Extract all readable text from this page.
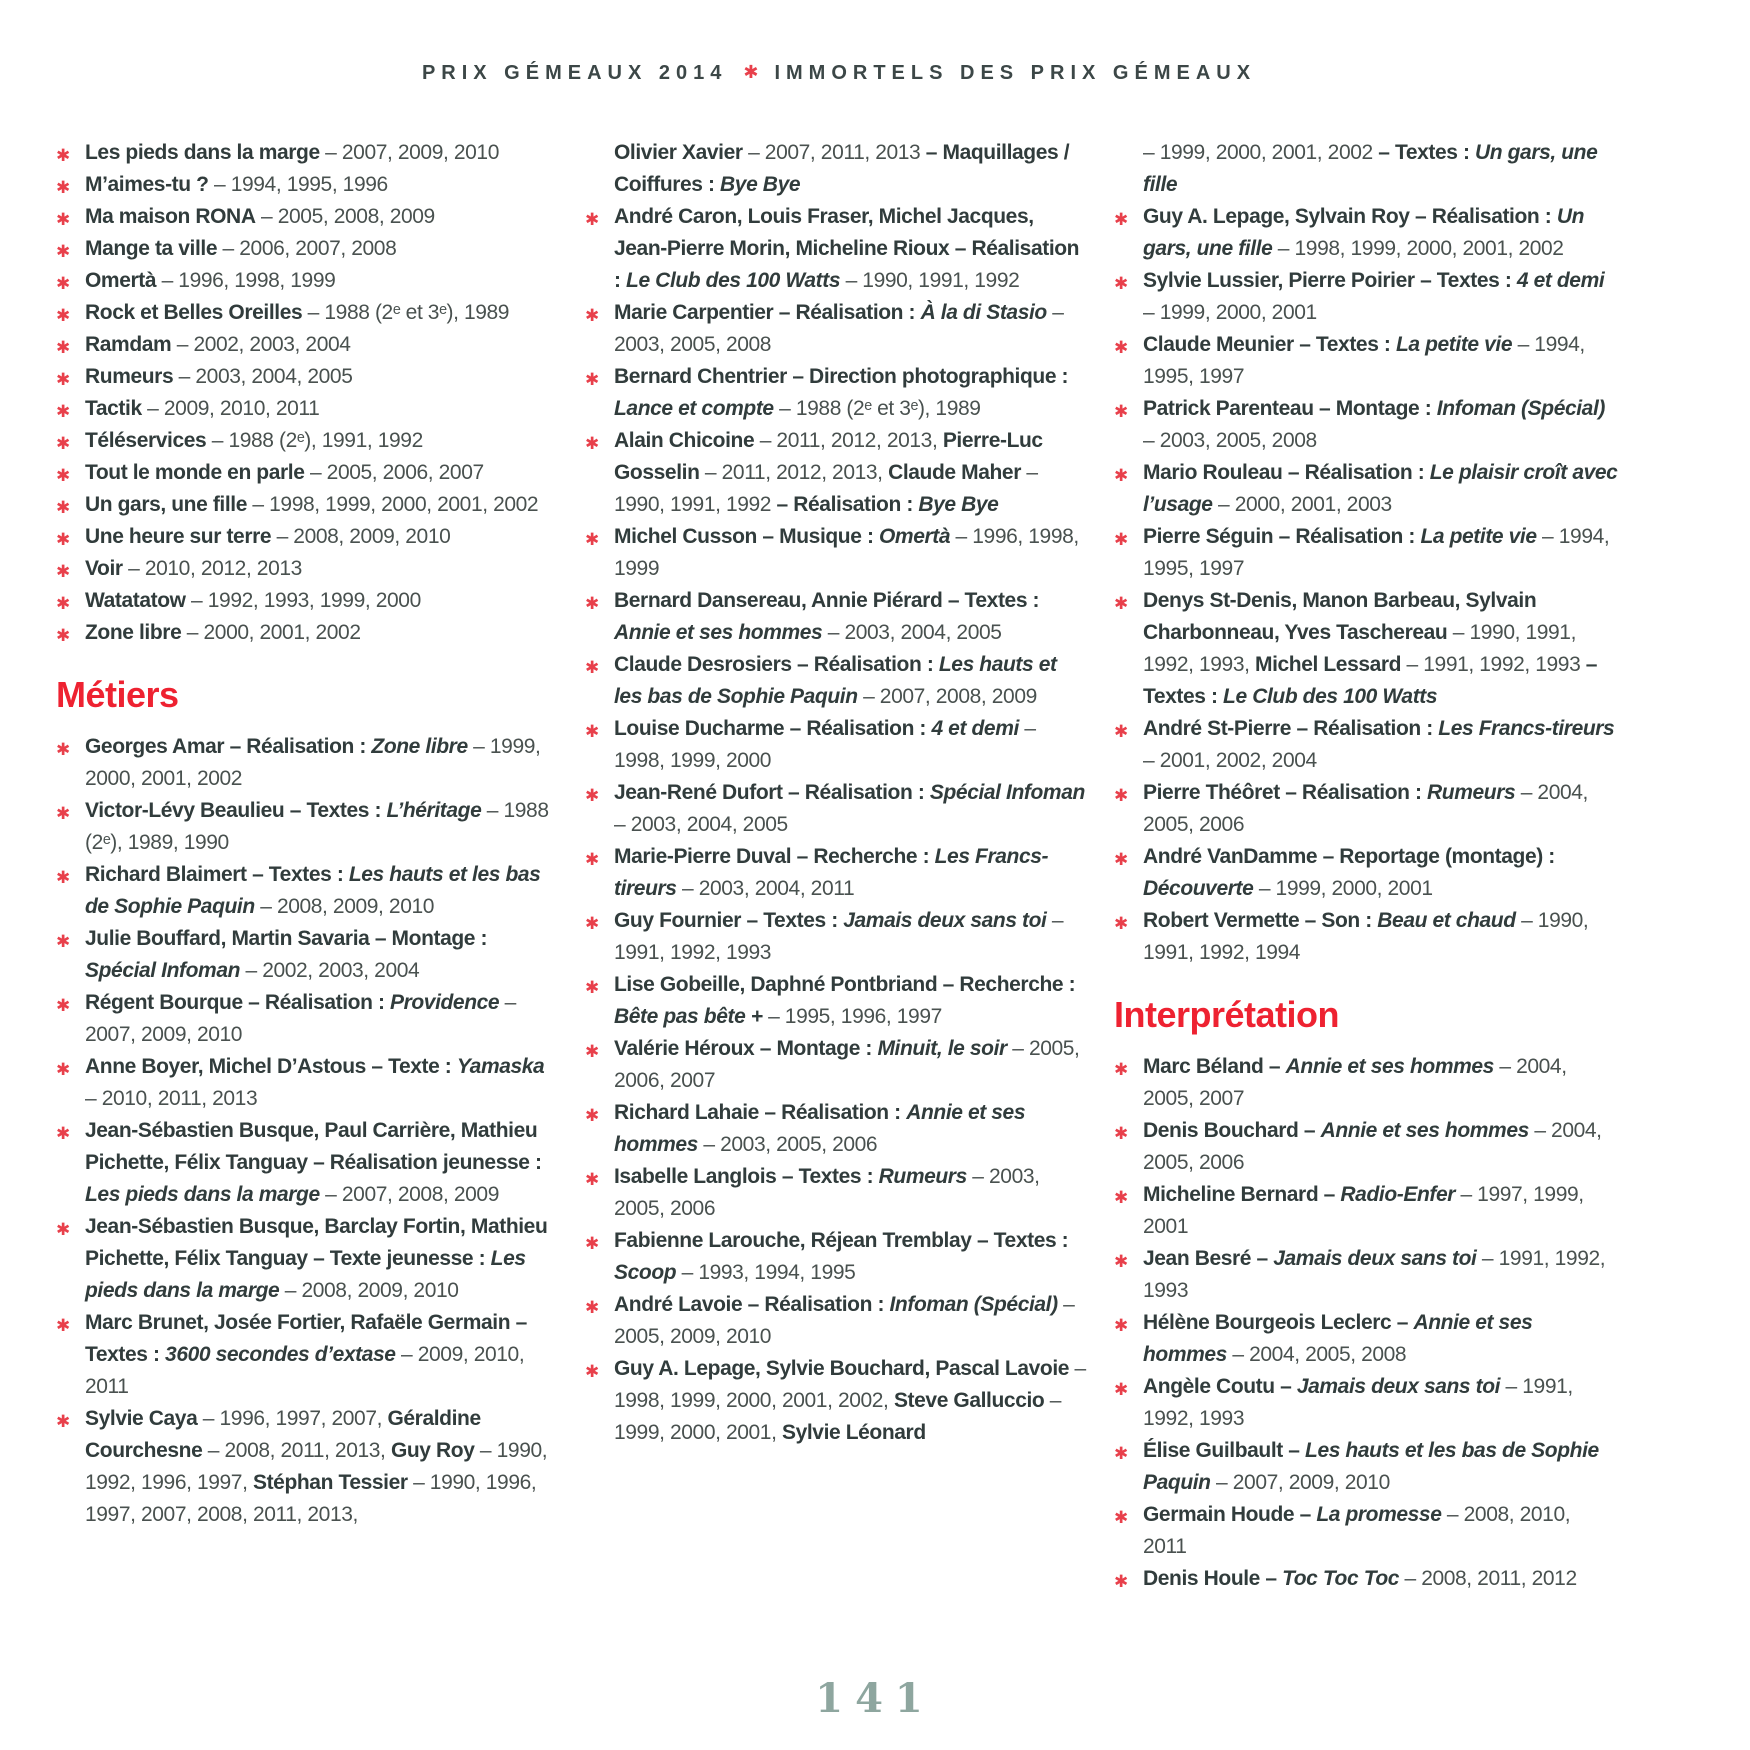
PRIX GÉMEAUX 2014 ✱ IMMORTELS DES PRIX GÉMEAUX
✱ Les pieds dans la marge – 2007, 2009, 2010
✱ M’aimes-tu ? – 1994, 1995, 1996
✱ Ma maison RONA – 2005, 2008, 2009
✱ Mange ta ville – 2006, 2007, 2008
✱ Omertà – 1996, 1998, 1999
✱ Rock et Belles Oreilles – 1988 (2ᵉ et 3ᵉ), 1989
✱ Ramdam – 2002, 2003, 2004
✱ Rumeurs – 2003, 2004, 2005
✱ Tactik – 2009, 2010, 2011
✱ Téléservices – 1988 (2ᵉ), 1991, 1992
✱ Tout le monde en parle – 2005, 2006, 2007
✱ Un gars, une fille – 1998, 1999, 2000, 2001, 2002
✱ Une heure sur terre – 2008, 2009, 2010
✱ Voir – 2010, 2012, 2013
✱ Watatatow – 1992, 1993, 1999, 2000
✱ Zone libre – 2000, 2001, 2002
Métiers
✱ Georges Amar – Réalisation : Zone libre – 1999, 2000, 2001, 2002
✱ Victor-Lévy Beaulieu – Textes : L’héritage – 1988 (2ᵉ), 1989, 1990
✱ Richard Blaimert – Textes : Les hauts et les bas de Sophie Paquin – 2008, 2009, 2010
✱ Julie Bouffard, Martin Savaria – Montage : Spécial Infoman – 2002, 2003, 2004
✱ Régent Bourque – Réalisation : Providence – 2007, 2009, 2010
✱ Anne Boyer, Michel D’Astous – Texte : Yamaska – 2010, 2011, 2013
✱ Jean-Sébastien Busque, Paul Carrière, Mathieu Pichette, Félix Tanguay – Réalisation jeunesse : Les pieds dans la marge – 2007, 2008, 2009
✱ Jean-Sébastien Busque, Barclay Fortin, Mathieu Pichette, Félix Tanguay – Texte jeunesse : Les pieds dans la marge – 2008, 2009, 2010
✱ Marc Brunet, Josée Fortier, Rafaële Germain – Textes : 3600 secondes d’extase – 2009, 2010, 2011
✱ Sylvie Caya – 1996, 1997, 2007, Géraldine Courchesne – 2008, 2011, 2013, Guy Roy – 1990, 1992, 1996, 1997, Stéphan Tessier – 1990, 1996, 1997, 2007, 2008, 2011, 2013,
Olivier Xavier – 2007, 2011, 2013 – Maquillages / Coiffures : Bye Bye
✱ André Caron, Louis Fraser, Michel Jacques, Jean-Pierre Morin, Micheline Rioux – Réalisation : Le Club des 100 Watts – 1990, 1991, 1992
✱ Marie Carpentier – Réalisation : À la di Stasio – 2003, 2005, 2008
✱ Bernard Chentrier – Direction photographique : Lance et compte – 1988 (2ᵉ et 3ᵉ), 1989
✱ Alain Chicoine – 2011, 2012, 2013, Pierre-Luc Gosselin – 2011, 2012, 2013, Claude Maher – 1990, 1991, 1992 – Réalisation : Bye Bye
✱ Michel Cusson – Musique : Omertà – 1996, 1998, 1999
✱ Bernard Dansereau, Annie Piérard – Textes : Annie et ses hommes – 2003, 2004, 2005
✱ Claude Desrosiers – Réalisation : Les hauts et les bas de Sophie Paquin – 2007, 2008, 2009
✱ Louise Ducharme – Réalisation : 4 et demi – 1998, 1999, 2000
✱ Jean-René Dufort – Réalisation : Spécial Infoman – 2003, 2004, 2005
✱ Marie-Pierre Duval – Recherche : Les Francs-tireurs – 2003, 2004, 2011
✱ Guy Fournier – Textes : Jamais deux sans toi – 1991, 1992, 1993
✱ Lise Gobeille, Daphné Pontbriand – Recherche : Bête pas bête + – 1995, 1996, 1997
✱ Valérie Héroux – Montage : Minuit, le soir – 2005, 2006, 2007
✱ Richard Lahaie – Réalisation : Annie et ses hommes – 2003, 2005, 2006
✱ Isabelle Langlois – Textes : Rumeurs – 2003, 2005, 2006
✱ Fabienne Larouche, Réjean Tremblay – Textes : Scoop – 1993, 1994, 1995
✱ André Lavoie – Réalisation : Infoman (Spécial) – 2005, 2009, 2010
✱ Guy A. Lepage, Sylvie Bouchard, Pascal Lavoie – 1998, 1999, 2000, 2001, 2002, Steve Galluccio – 1999, 2000, 2001, Sylvie Léonard
– 1999, 2000, 2001, 2002 – Textes : Un gars, une fille
✱ Guy A. Lepage, Sylvain Roy – Réalisation : Un gars, une fille – 1998, 1999, 2000, 2001, 2002
✱ Sylvie Lussier, Pierre Poirier – Textes : 4 et demi – 1999, 2000, 2001
✱ Claude Meunier – Textes : La petite vie – 1994, 1995, 1997
✱ Patrick Parenteau – Montage : Infoman (Spécial) – 2003, 2005, 2008
✱ Mario Rouleau – Réalisation : Le plaisir croît avec l’usage – 2000, 2001, 2003
✱ Pierre Séguin – Réalisation : La petite vie – 1994, 1995, 1997
✱ Denys St-Denis, Manon Barbeau, Sylvain Charbonneau, Yves Taschereau – 1990, 1991, 1992, 1993, Michel Lessard – 1991, 1992, 1993 – Textes : Le Club des 100 Watts
✱ André St-Pierre – Réalisation : Les Francs-tireurs – 2001, 2002, 2004
✱ Pierre Théôret – Réalisation : Rumeurs – 2004, 2005, 2006
✱ André VanDamme – Reportage (montage) : Découverte – 1999, 2000, 2001
✱ Robert Vermette – Son : Beau et chaud – 1990, 1991, 1992, 1994
Interprétation
✱ Marc Béland – Annie et ses hommes – 2004, 2005, 2007
✱ Denis Bouchard – Annie et ses hommes – 2004, 2005, 2006
✱ Micheline Bernard – Radio-Enfer – 1997, 1999, 2001
✱ Jean Besré – Jamais deux sans toi – 1991, 1992, 1993
✱ Hélène Bourgeois Leclerc – Annie et ses hommes – 2004, 2005, 2008
✱ Angèle Coutu – Jamais deux sans toi – 1991, 1992, 1993
✱ Élise Guilbault – Les hauts et les bas de Sophie Paquin – 2007, 2009, 2010
✱ Germain Houde – La promesse – 2008, 2010, 2011
✱ Denis Houle – Toc Toc Toc – 2008, 2011, 2012
141
